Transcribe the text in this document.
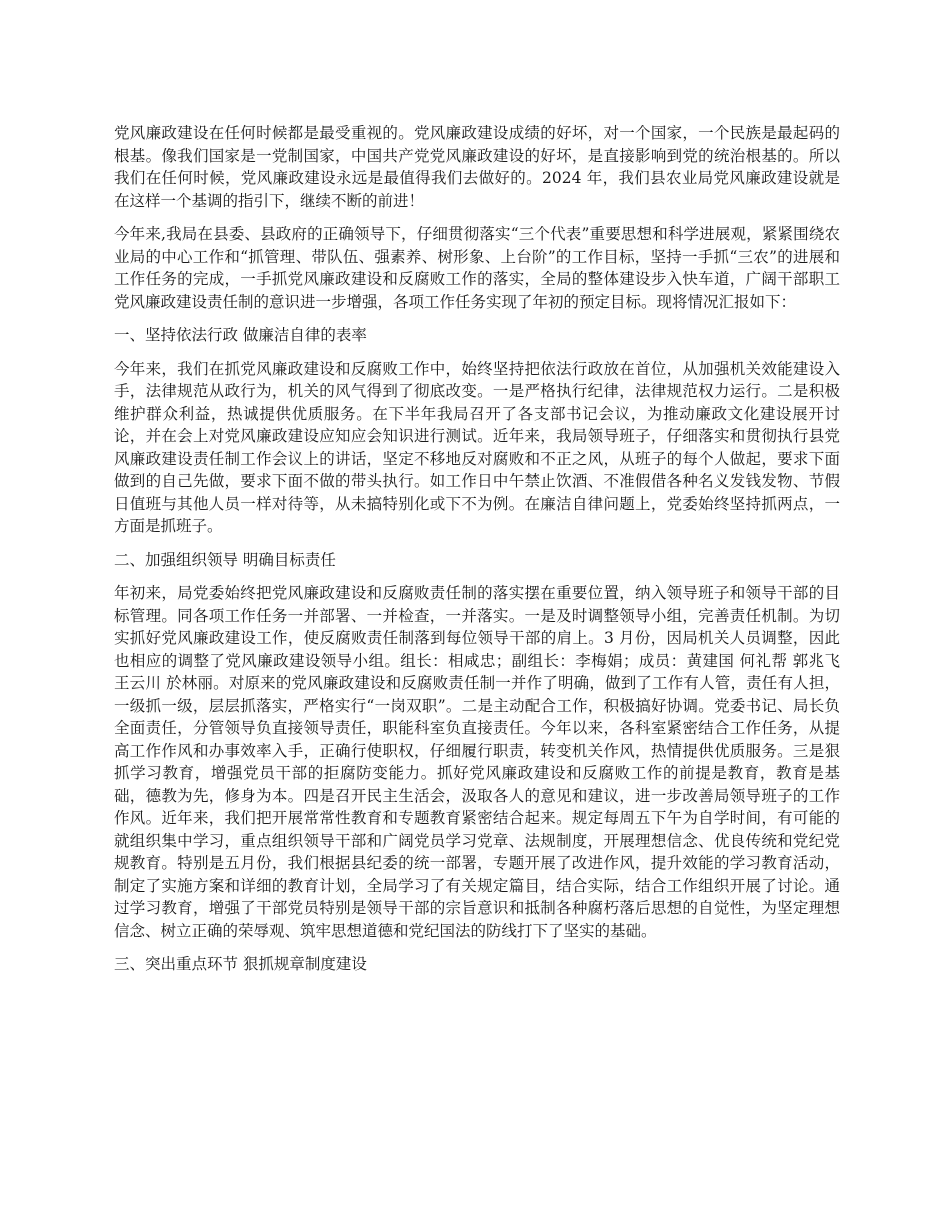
党风廉政建设在任何时候都是最受重视的。党风廉政建设成绩的好坏，对一个国家，一个民族是最起码的根基。像我们国家是一党制国家，中国共产党党风廉政建设的好坏，是直接影响到党的统治根基的。所以我们在任何时候，党风廉政建设永远是最值得我们去做好的。2024 年，我们县农业局党风廉政建设就是在这样一个基调的指引下，继续不断的前进！

今年来,我局在县委、县政府的正确领导下，仔细贯彻落实“三个代表”重要思想和科学进展观，紧紧围绕农业局的中心工作和“抓管理、带队伍、强素养、树形象、上台阶”的工作目标，坚持一手抓“三农”的进展和工作任务的完成，一手抓党风廉政建设和反腐败工作的落实，全局的整体建设步入快车道，广阔干部职工党风廉政建设责任制的意识进一步增强，各项工作任务实现了年初的预定目标。现将情况汇报如下：

一、坚持依法行政 做廉洁自律的表率

今年来，我们在抓党风廉政建设和反腐败工作中，始终坚持把依法行政放在首位，从加强机关效能建设入手，法律规范从政行为，机关的风气得到了彻底改变。一是严格执行纪律，法律规范权力运行。二是积极维护群众利益，热诚提供优质服务。在下半年我局召开了各支部书记会议，为推动廉政文化建设展开讨论，并在会上对党风廉政建设应知应会知识进行测试。近年来，我局领导班子，仔细落实和贯彻执行县党风廉政建设责任制工作会议上的讲话，坚定不移地反对腐败和不正之风，从班子的每个人做起，要求下面做到的自己先做，要求下面不做的带头执行。如工作日中午禁止饮酒、不准假借各种名义发钱发物、节假日值班与其他人员一样对待等，从未搞特别化或下不为例。在廉洁自律问题上，党委始终坚持抓两点，一方面是抓班子。

二、加强组织领导 明确目标责任

年初来，局党委始终把党风廉政建设和反腐败责任制的落实摆在重要位置，纳入领导班子和领导干部的目标管理。同各项工作任务一并部署、一并检查，一并落实。一是及时调整领导小组，完善责任机制。为切实抓好党风廉政建设工作，使反腐败责任制落到每位领导干部的肩上。3 月份，因局机关人员调整，因此也相应的调整了党风廉政建设领导小组。组长：相咸忠；副组长：李梅娟；成员：黄建国 何礼帮 郭兆飞 王云川 於林丽。对原来的党风廉政建设和反腐败责任制一并作了明确，做到了工作有人管，责任有人担，一级抓一级，层层抓落实，严格实行“一岗双职”。二是主动配合工作，积极搞好协调。党委书记、局长负全面责任，分管领导负直接领导责任，职能科室负直接责任。今年以来，各科室紧密结合工作任务，从提高工作作风和办事效率入手，正确行使职权，仔细履行职责，转变机关作风，热情提供优质服务。三是狠抓学习教育，增强党员干部的拒腐防变能力。抓好党风廉政建设和反腐败工作的前提是教育，教育是基础，德教为先，修身为本。四是召开民主生活会，汲取各人的意见和建议，进一步改善局领导班子的工作作风。近年来，我们把开展常常性教育和专题教育紧密结合起来。规定每周五下午为自学时间，有可能的就组织集中学习，重点组织领导干部和广阔党员学习党章、法规制度，开展理想信念、优良传统和党纪党规教育。特别是五月份，我们根据县纪委的统一部署，专题开展了改进作风，提升效能的学习教育活动，制定了实施方案和详细的教育计划，全局学习了有关规定篇目，结合实际，结合工作组织开展了讨论。通过学习教育，增强了干部党员特别是领导干部的宗旨意识和抵制各种腐朽落后思想的自觉性，为坚定理想信念、树立正确的荣辱观、筑牢思想道德和党纪国法的防线打下了坚实的基础。

三、突出重点环节 狠抓规章制度建设
